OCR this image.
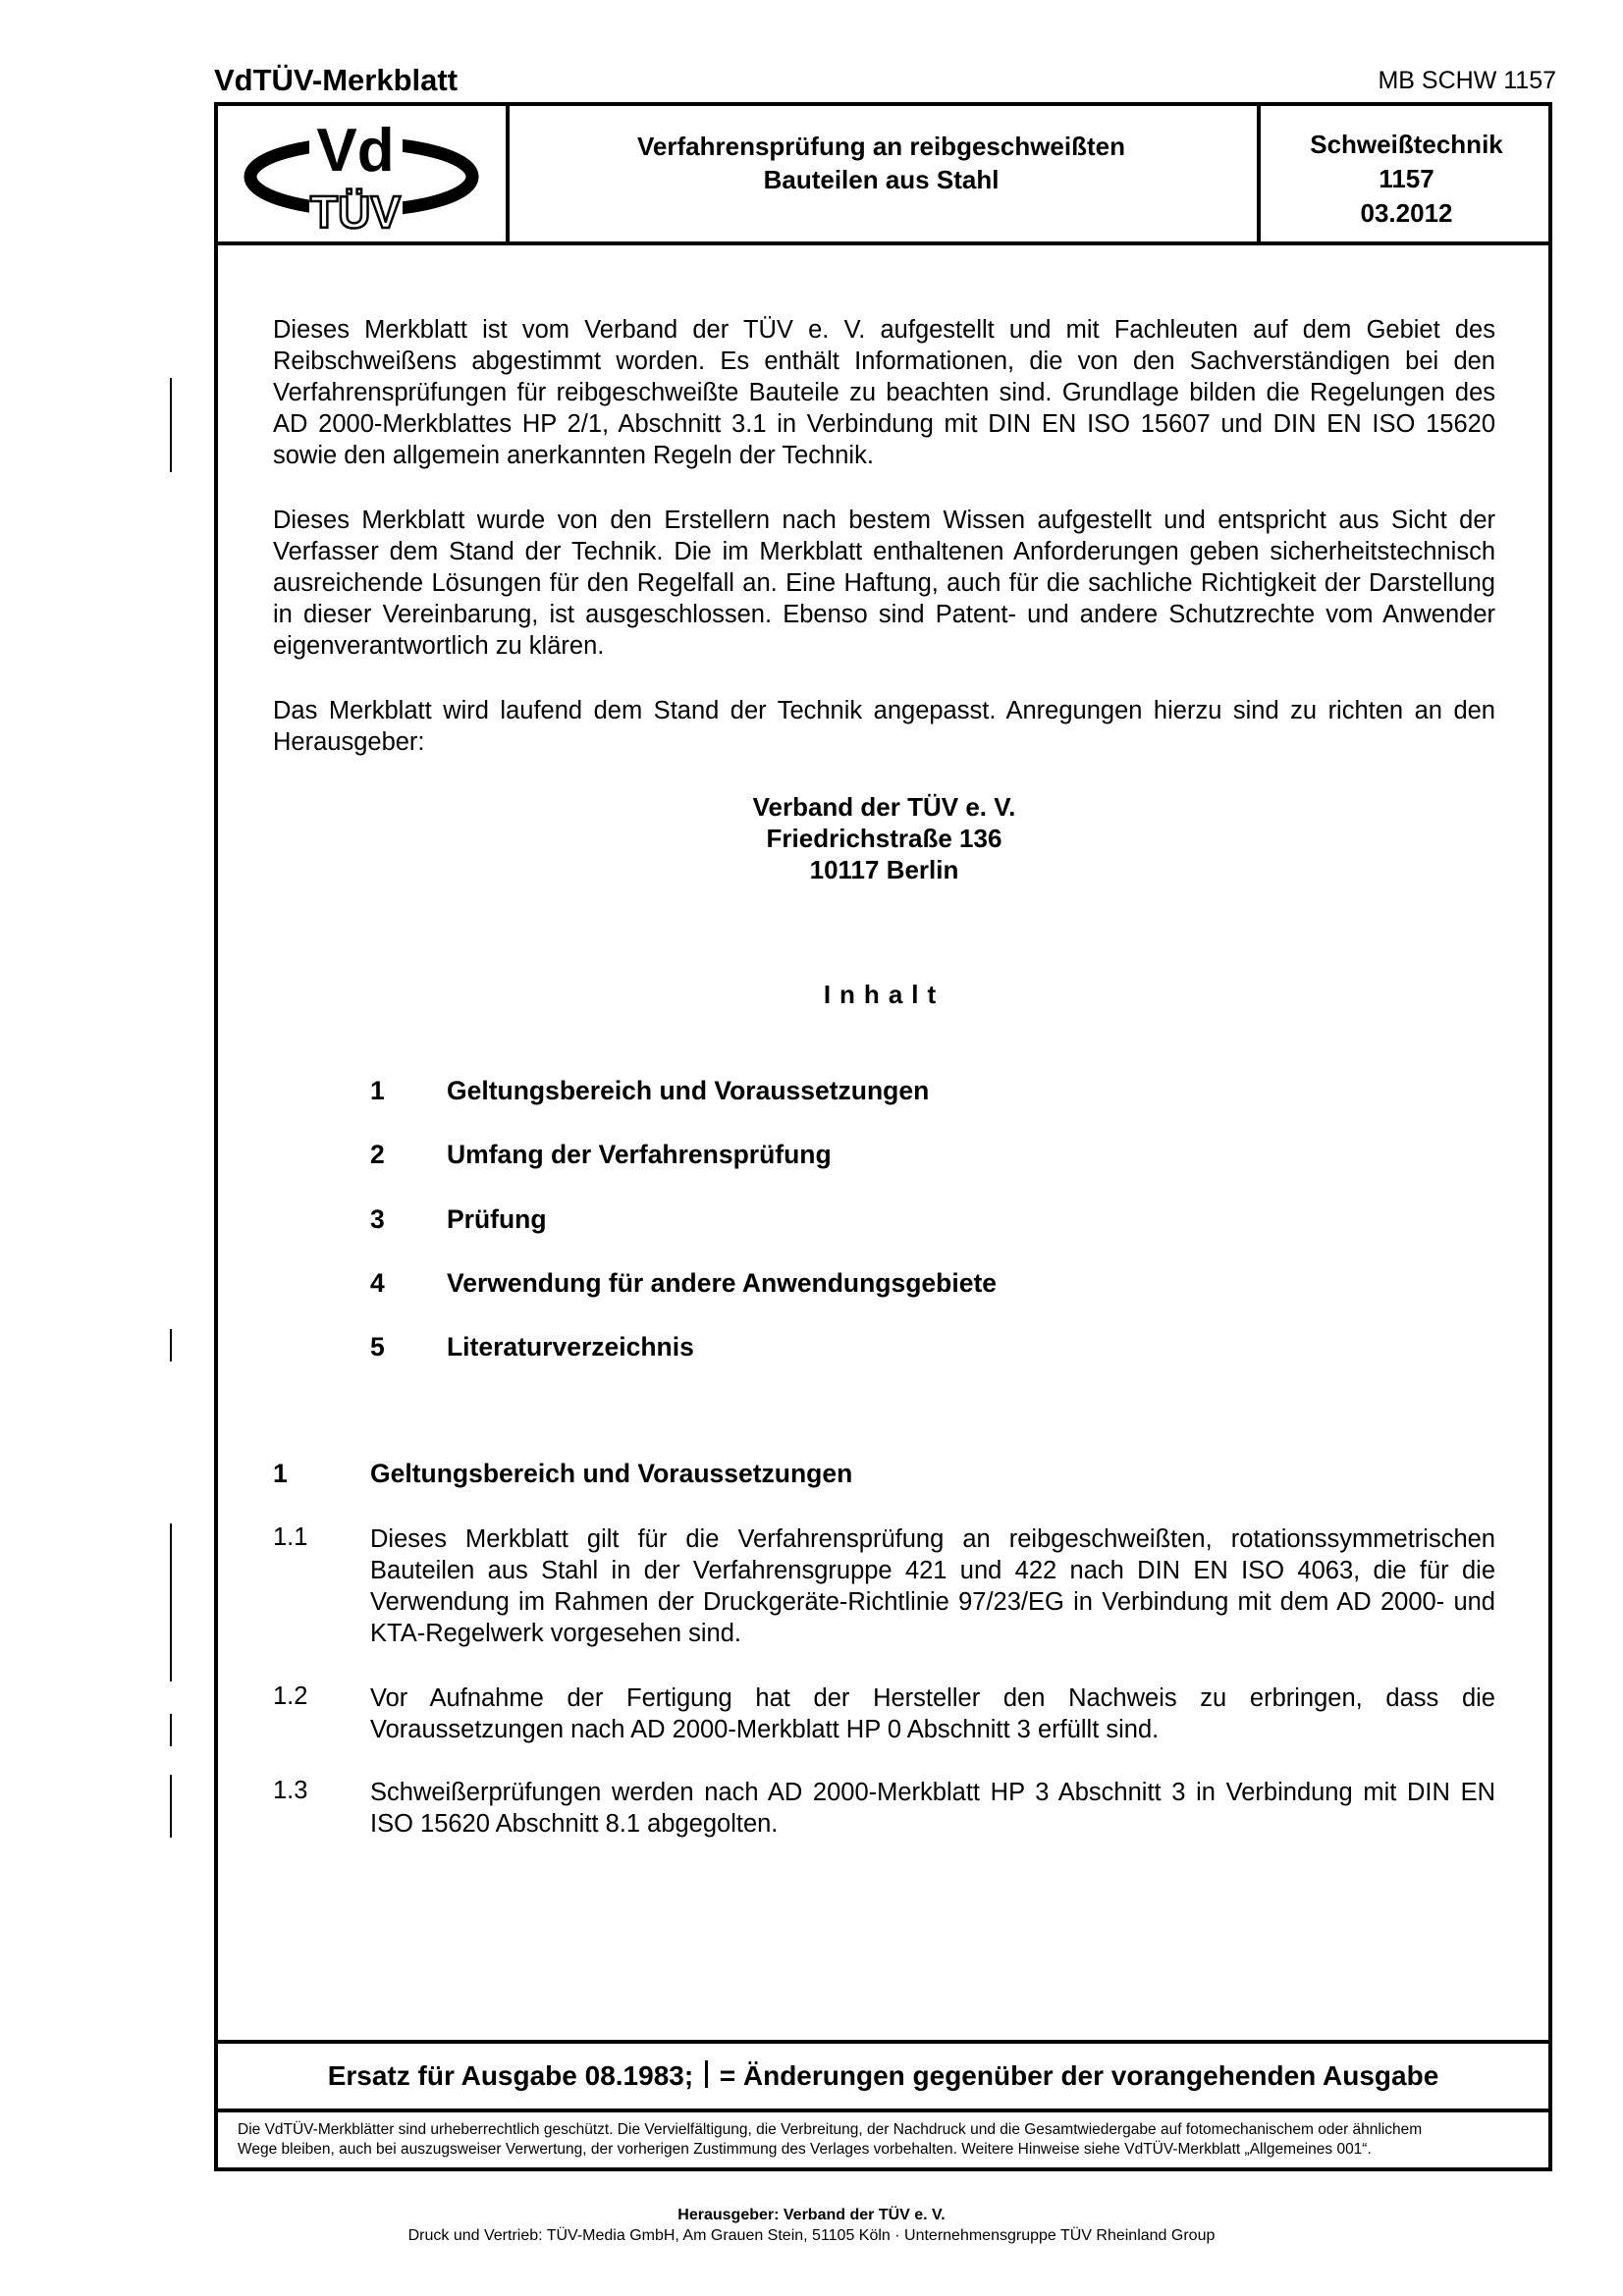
VdTÜV-Merkblatt	MB SCHW 1157
Vd
TÜV
Verfahrensprüfung an reibgeschweißten
Bauteilen aus Stahl
Schweißtechnik
1157
03.2012

Dieses Merkblatt ist vom Verband der TÜV e. V. aufgestellt und mit Fachleuten auf dem Gebiet des Reibschweißens abgestimmt worden. Es enthält Informationen, die von den Sachverständigen bei den Verfahrensprüfungen für reibgeschweißte Bauteile zu beachten sind. Grundlage bilden die Regelungen des AD 2000-Merkblattes HP 2/1, Abschnitt 3.1 in Verbindung mit DIN EN ISO 15607 und DIN EN ISO 15620 sowie den allgemein anerkannten Regeln der Technik.

Dieses Merkblatt wurde von den Erstellern nach bestem Wissen aufgestellt und entspricht aus Sicht der Verfasser dem Stand der Technik. Die im Merkblatt enthaltenen Anforderungen geben sicherheitstechnisch ausreichende Lösungen für den Regelfall an. Eine Haftung, auch für die sachliche Richtigkeit der Darstellung in dieser Vereinbarung, ist ausgeschlossen. Ebenso sind Patent- und andere Schutzrechte vom Anwender eigenverantwortlich zu klären.

Das Merkblatt wird laufend dem Stand der Technik angepasst. Anregungen hierzu sind zu richten an den Herausgeber:

Verband der TÜV e. V.
Friedrichstraße 136
10117 Berlin
Inhalt
1 Geltungsbereich und Voraussetzungen
2 Umfang der Verfahrensprüfung
3 Prüfung
4 Verwendung für andere Anwendungsgebiete
5 Literaturverzeichnis
1	Geltungsbereich und Voraussetzungen
1.1 Dieses Merkblatt gilt für die Verfahrensprüfung an reibgeschweißten, rotationssymmetrischen Bauteilen aus Stahl in der Verfahrensgruppe 421 und 422 nach DIN EN ISO 4063, die für die Verwendung im Rahmen der Druckgeräte-Richtlinie 97/23/EG in Verbindung mit dem AD 2000- und KTA-Regelwerk vorgesehen sind.
1.2 Vor Aufnahme der Fertigung hat der Hersteller den Nachweis zu erbringen, dass die Voraussetzungen nach AD 2000-Merkblatt HP 0 Abschnitt 3 erfüllt sind.
1.3 Schweißerprüfungen werden nach AD 2000-Merkblatt HP 3 Abschnitt 3 in Verbindung mit DIN EN ISO 15620 Abschnitt 8.1 abgegolten.
Ersatz für Ausgabe 08.1983; = Änderungen gegenüber der vorangehenden Ausgabe
Die VdTÜV-Merkblätter sind urheberrechtlich geschützt. Die Vervielfältigung, die Verbreitung, der Nachdruck und die Gesamtwiedergabe auf fotomechanischem oder ähnlichem
Wege bleiben, auch bei auszugsweiser Verwertung, der vorherigen Zustimmung des Verlages vorbehalten. Weitere Hinweise siehe VdTÜV-Merkblatt „Allgemeines 001“.
Herausgeber: Verband der TÜV e. V.
Druck und Vertrieb: TÜV-Media GmbH, Am Grauen Stein, 51105 Köln · Unternehmensgruppe TÜV Rheinland Group
